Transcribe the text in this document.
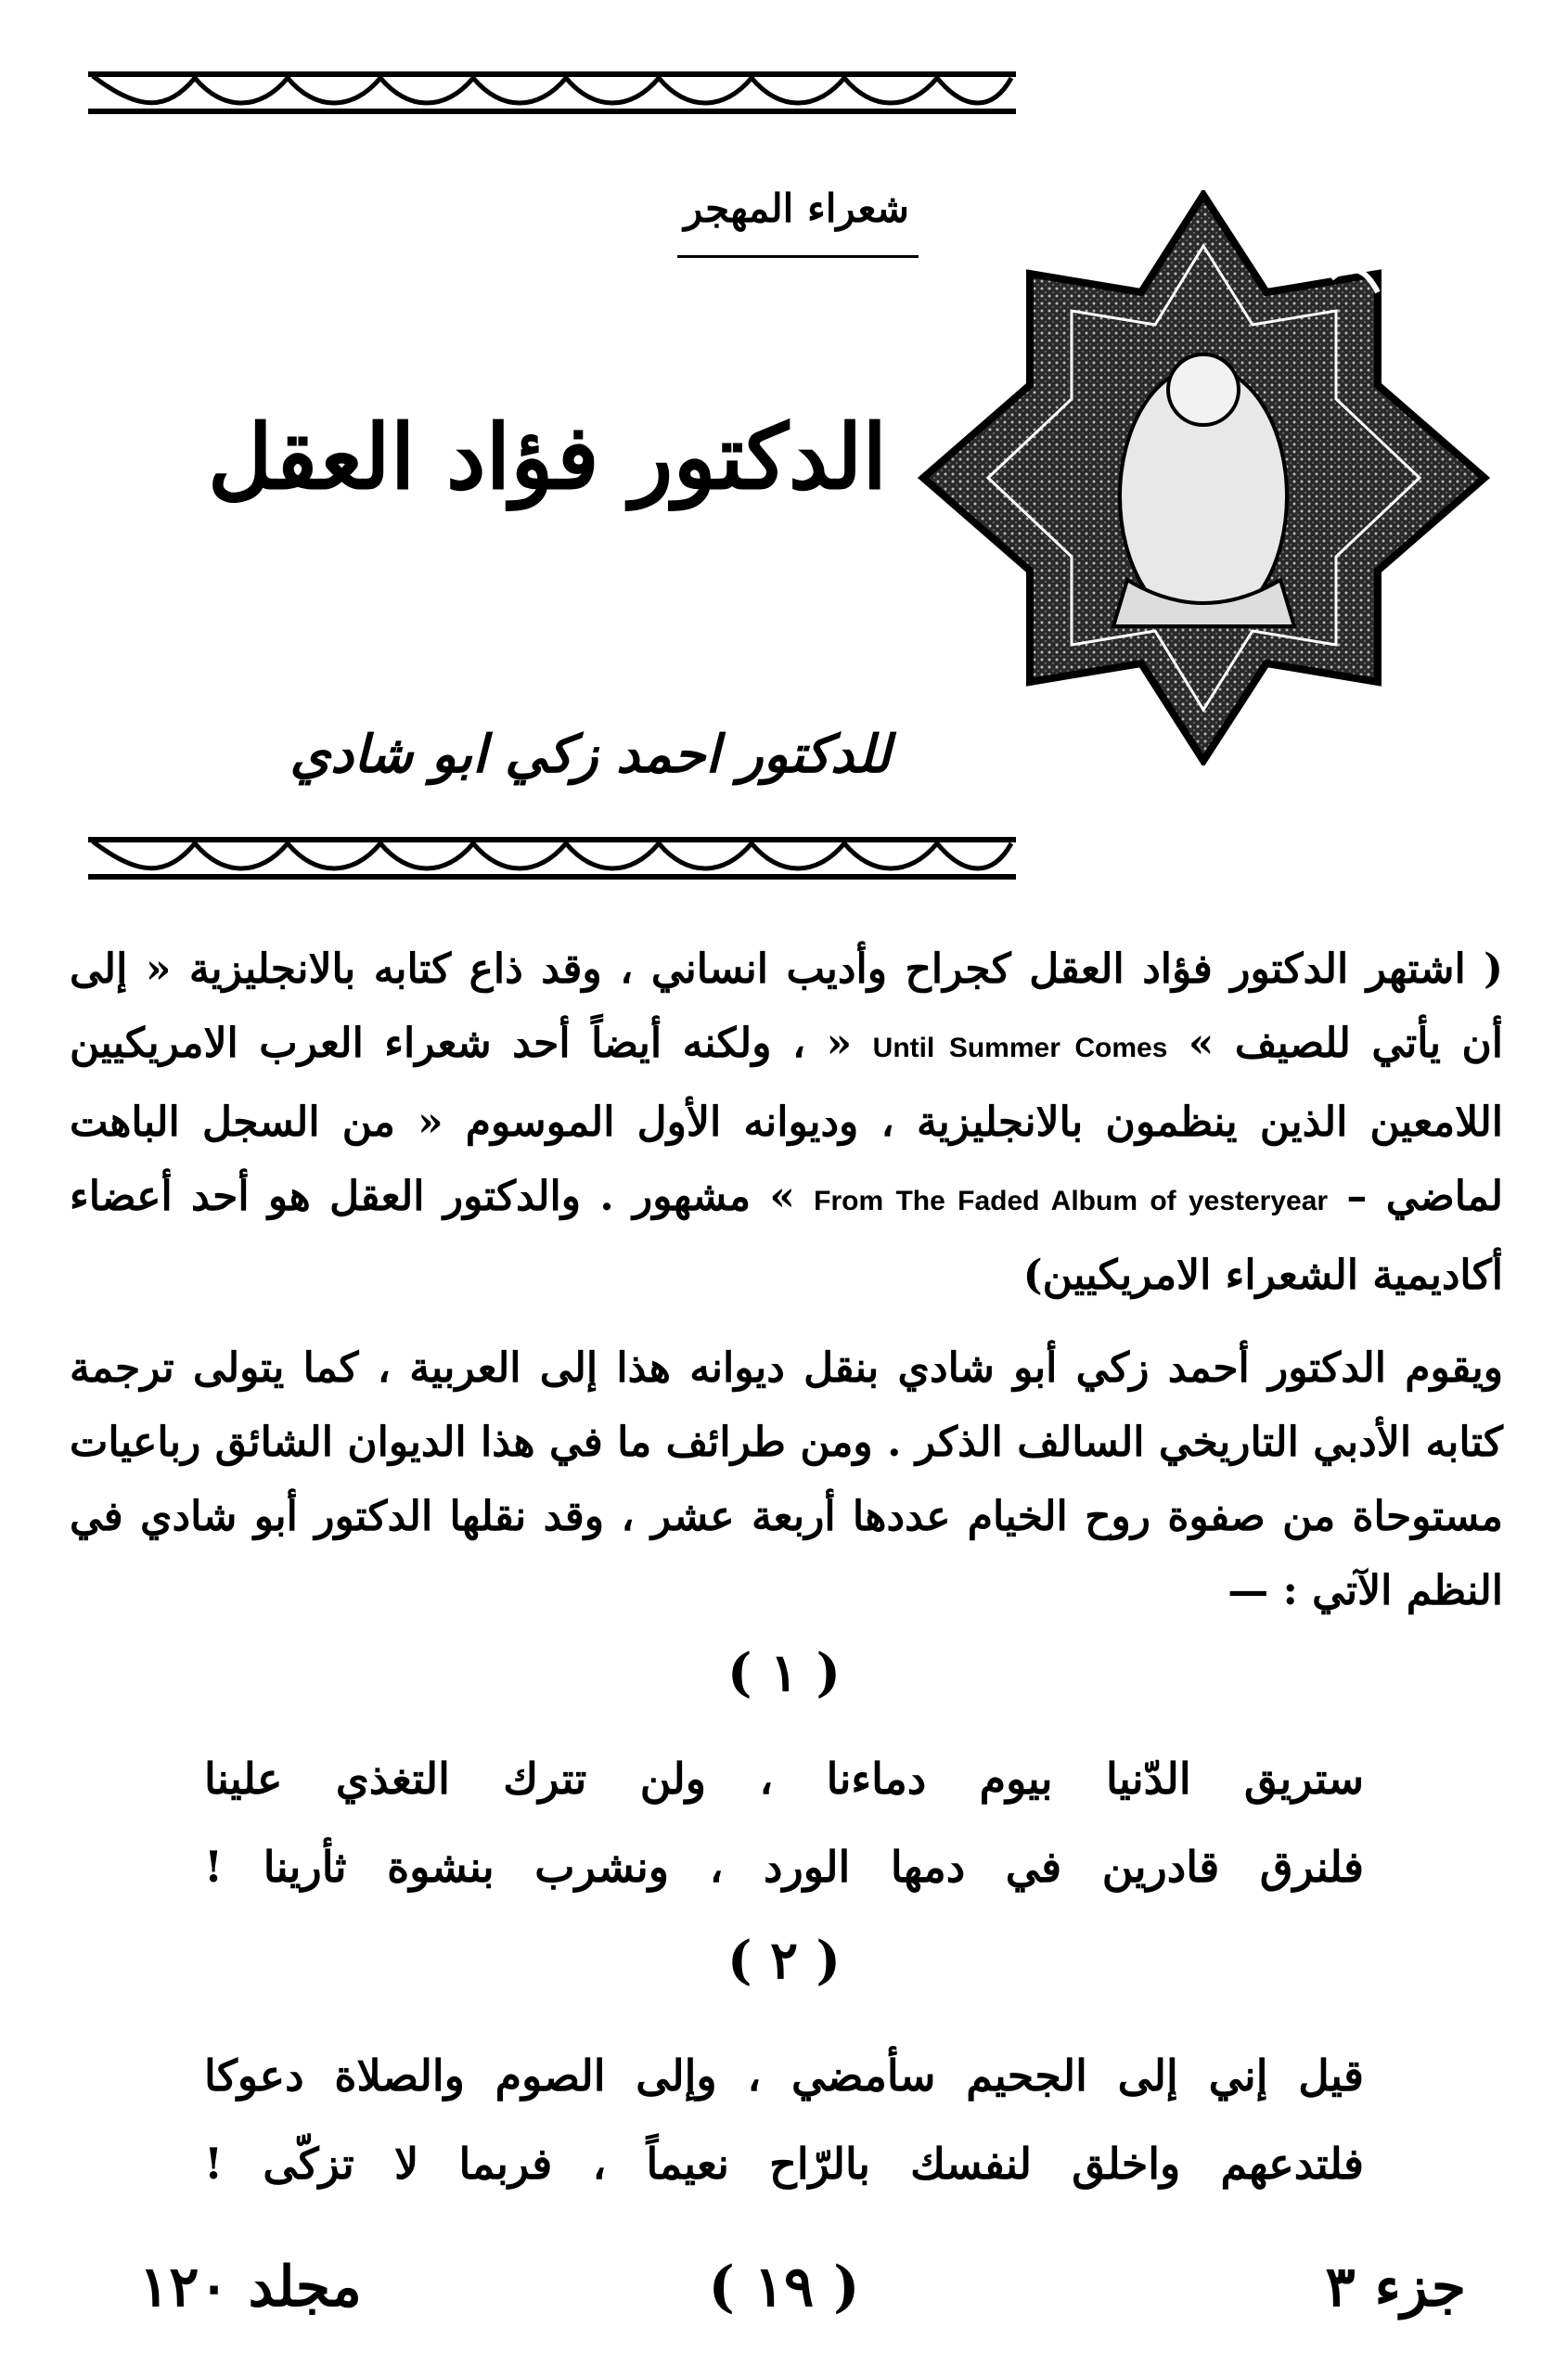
شعراء المهجر
الدكتور فؤاد العقل
للدكتور احمد زكي ابو شادي
( اشتهر الدكتور فؤاد العقل كجراح وأديب انساني ، وقد ذاع كتابه بالانجليزية « إلى أن يأتي للصيف » Until Summer Comes « ، ولكنه أيضاً أحد شعراء العرب الامريكيين اللامعين الذين ينظمون بالانجليزية ، وديوانه الأول الموسوم « من السجل الباهت لماضي – From The Faded Album of yesteryear » مشهور . والدكتور العقل هو أحد أعضاء أكاديمية الشعراء الامريكيين)
ويقوم الدكتور أحمد زكي أبو شادي بنقل ديوانه هذا إلى العربية ، كما يتولى ترجمة كتابه الأدبي التاريخي السالف الذكر . ومن طرائف ما في هذا الديوان الشائق رباعيات مستوحاة من صفوة روح الخيام عددها أربعة عشر ، وقد نقلها الدكتور أبو شادي في النظم الآتي : —
( ١ )
ستريق الدّنيا بيوم دماءنا ، ولن تترك التغذي علينا
فلنرق قادرين في دمها الورد ، ونشرب بنشوة ثأرينا !
( ٢ )
قيل إني إلى الجحيم سأمضي ، وإلى الصوم والصلاة دعوكا
فلتدعهم واخلق لنفسك بالرّاح نعيماً ، فربما لا تزكّى !
جزء ٣
( ١٩ )
مجلد ١٢٠
